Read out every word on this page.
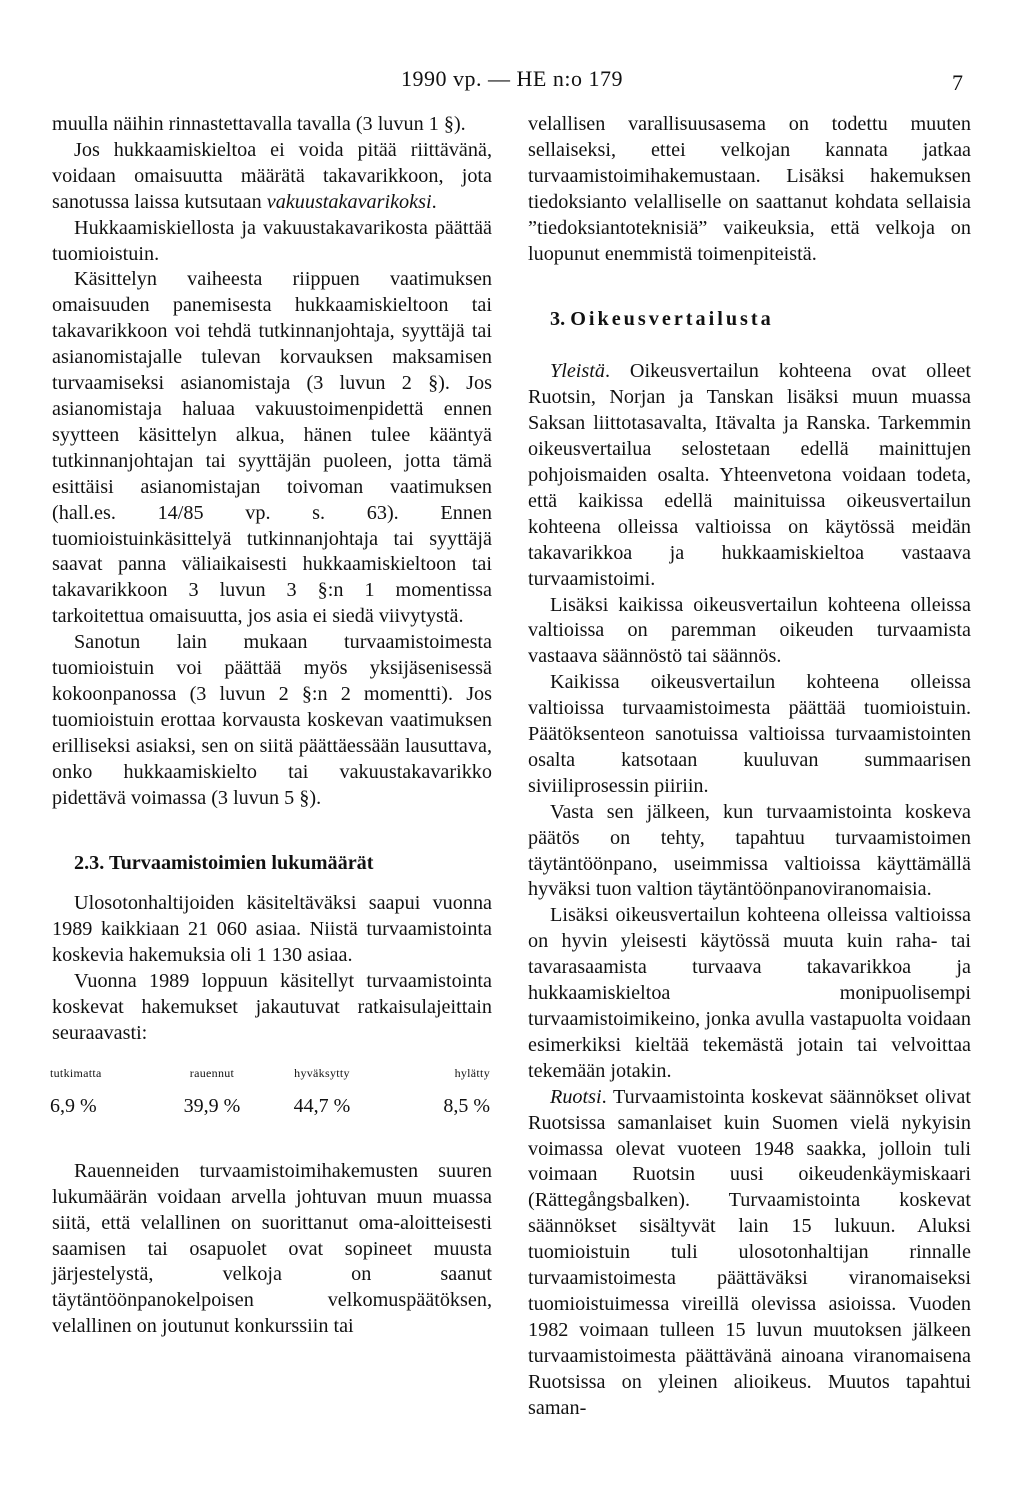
1990 vp. — HE n:o 179	7

muulla näihin rinnastettavalla tavalla (3 luvun 1 §).

Jos hukkaamiskieltoa ei voida pitää riittävänä, voidaan omaisuutta määrätä takavarikkoon, jota sanotussa laissa kutsutaan vakuustakavarikoksi.

Hukkaamiskiellosta ja vakuustakavarikosta päättää tuomioistuin.

Käsittelyn vaiheesta riippuen vaatimuksen omaisuuden panemisesta hukkaamiskieltoon tai takavarikkoon voi tehdä tutkinnanjohtaja, syyttäjä tai asianomistajalle tulevan korvauksen maksamisen turvaamiseksi asianomistaja (3 luvun 2 §). Jos asianomistaja haluaa vakuustoimenpidettä ennen syytteen käsittelyn alkua, hänen tulee kääntyä tutkinnanjohtajan tai syyttäjän puoleen, jotta tämä esittäisi asianomistajan toivoman vaatimuksen (hall.es. 14/85 vp. s. 63). Ennen tuomioistuinkäsittelyä tutkinnanjohtaja tai syyttäjä saavat panna väliaikaisesti hukkaamiskieltoon tai takavarikkoon 3 luvun 3 §:n 1 momentissa tarkoitettua omaisuutta, jos asia ei siedä viivytystä.

Sanotun lain mukaan turvaamistoimesta tuomioistuin voi päättää myös yksijäsenisessä kokoonpanossa (3 luvun 2 §:n 2 momentti). Jos tuomioistuin erottaa korvausta koskevan vaatimuksen erilliseksi asiaksi, sen on siitä päättäessään lausuttava, onko hukkaamiskielto tai vakuustakavarikko pidettävä voimassa (3 luvun 5 §).

2.3. Turvaamistoimien lukumäärät

Ulosotonhaltijoiden käsiteltäväksi saapui vuonna 1989 kaikkiaan 21 060 asiaa. Niistä turvaamistointa koskevia hakemuksia oli 1 130 asiaa.

Vuonna 1989 loppuun käsitellyt turvaamistointa koskevat hakemukset jakautuvat ratkaisulajeittain seuraavasti:

tutkimatta	rauennut	hyväksytty	hylätty
6,9 %	39,9 %	44,7 %	8,5 %

Rauenneiden turvaamistoimihakemusten suuren lukumäärän voidaan arvella johtuvan muun muassa siitä, että velallinen on suorittanut oma-aloitteisesti saamisen tai osapuolet ovat sopineet muusta järjestelystä, velkoja on saanut täytäntöönpanokelpoisen velkomuspäätöksen, velallinen on joutunut konkurssiin tai

velallisen varallisuusasema on todettu muuten sellaiseksi, ettei velkojan kannata jatkaa turvaamistoimihakemustaan. Lisäksi hakemuksen tiedoksianto velalliselle on saattanut kohdata sellaisia ”tiedoksiantoteknisiä” vaikeuksia, että velkoja on luopunut enemmistä toimenpiteistä.

3. Oikeusvertailusta

Yleistä. Oikeusvertailun kohteena ovat olleet Ruotsin, Norjan ja Tanskan lisäksi muun muassa Saksan liittotasavalta, Itävalta ja Ranska. Tarkemmin oikeusvertailua selostetaan edellä mainittujen pohjoismaiden osalta. Yhteenvetona voidaan todeta, että kaikissa edellä mainituissa oikeusvertailun kohteena olleissa valtioissa on käytössä meidän takavarikkoa ja hukkaamiskieltoa vastaava turvaamistoimi.

Lisäksi kaikissa oikeusvertailun kohteena olleissa valtioissa on paremman oikeuden turvaamista vastaava säännöstö tai säännös.

Kaikissa oikeusvertailun kohteena olleissa valtioissa turvaamistoimesta päättää tuomioistuin. Päätöksenteon sanotuissa valtioissa turvaamistointen osalta katsotaan kuuluvan summaarisen siviiliprosessin piiriin.

Vasta sen jälkeen, kun turvaamistointa koskeva päätös on tehty, tapahtuu turvaamistoimen täytäntöönpano, useimmissa valtioissa käyttämällä hyväksi tuon valtion täytäntöönpanoviranomaisia.

Lisäksi oikeusvertailun kohteena olleissa valtioissa on hyvin yleisesti käytössä muuta kuin raha- tai tavarasaamista turvaava takavarikkoa ja hukkaamiskieltoa monipuolisempi turvaamistoimikeino, jonka avulla vastapuolta voidaan esimerkiksi kieltää tekemästä jotain tai velvoittaa tekemään jotakin.

Ruotsi. Turvaamistointa koskevat säännökset olivat Ruotsissa samanlaiset kuin Suomen vielä nykyisin voimassa olevat vuoteen 1948 saakka, jolloin tuli voimaan Ruotsin uusi oikeudenkäymiskaari (Rättegångsbalken). Turvaamistointa koskevat säännökset sisältyvät lain 15 lukuun. Aluksi tuomioistuin tuli ulosotonhaltijan rinnalle turvaamistoimesta päättäväksi viranomaiseksi tuomioistuimessa vireillä olevissa asioissa. Vuoden 1982 voimaan tulleen 15 luvun muutoksen jälkeen turvaamistoimesta päättävänä ainoana viranomaisena Ruotsissa on yleinen alioikeus. Muutos tapahtui saman-
